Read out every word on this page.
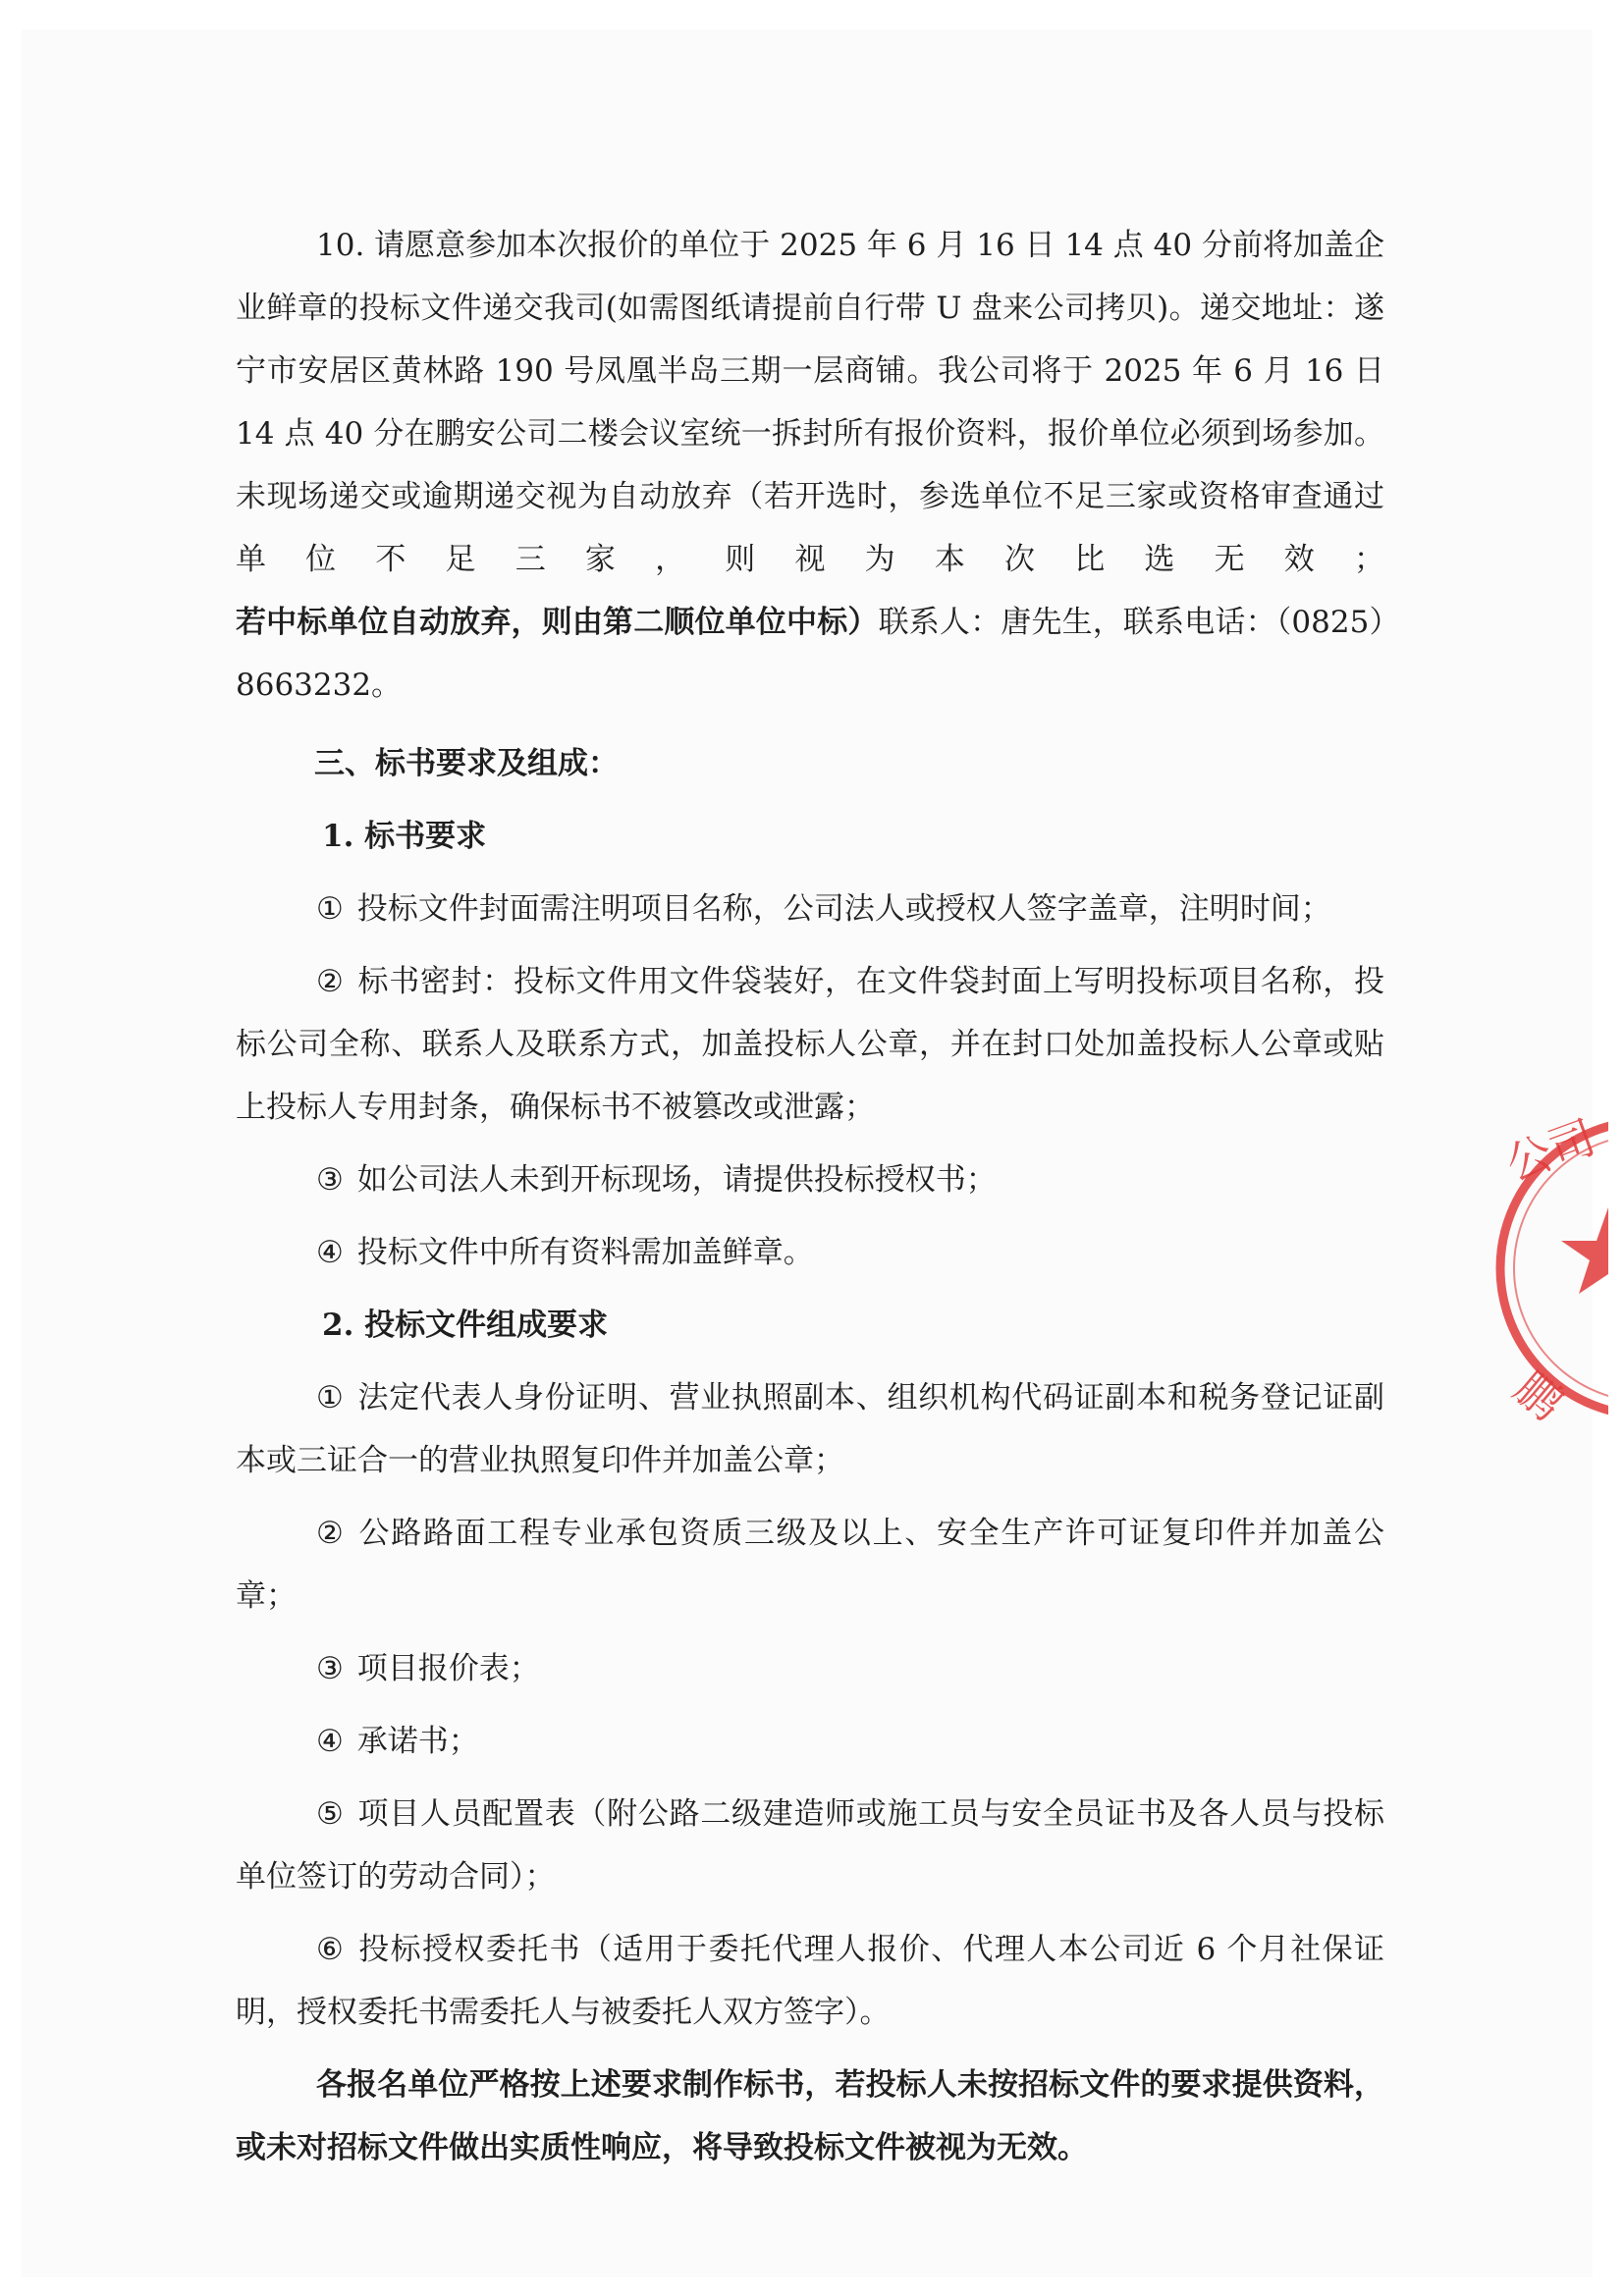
10. 请愿意参加本次报价的单位于 2025 年 6 月 16 日 14 点 40 分前将加盖企业鲜章的投标文件递交我司(如需图纸请提前自行带 U 盘来公司拷贝)。递交地址：遂宁市安居区黄林路 190 号凤凰半岛三期一层商铺。我公司将于 2025 年 6 月 16 日 14 点 40 分在鹏安公司二楼会议室统一拆封所有报价资料，报价单位必须到场参加。未现场递交或逾期递交视为自动放弃（若开选时，参选单位不足三家或资格审查通过单位不足三家，则视为本次比选无效；若中标单位自动放弃，则由第二顺位单位中标）联系人：唐先生，联系电话：（0825）8663232。

三、标书要求及组成：

1. 标书要求

① 投标文件封面需注明项目名称，公司法人或授权人签字盖章，注明时间；

② 标书密封：投标文件用文件袋装好，在文件袋封面上写明投标项目名称，投标公司全称、联系人及联系方式，加盖投标人公章，并在封口处加盖投标人公章或贴上投标人专用封条，确保标书不被篡改或泄露；

③ 如公司法人未到开标现场，请提供投标授权书；

④ 投标文件中所有资料需加盖鲜章。

2. 投标文件组成要求

① 法定代表人身份证明、营业执照副本、组织机构代码证副本和税务登记证副本或三证合一的营业执照复印件并加盖公章；

② 公路路面工程专业承包资质三级及以上、安全生产许可证复印件并加盖公章；

③ 项目报价表；

④ 承诺书；

⑤ 项目人员配置表（附公路二级建造师或施工员与安全员证书及各人员与投标单位签订的劳动合同）；

⑥ 投标授权委托书（适用于委托代理人报价、代理人本公司近 6 个月社保证明，授权委托书需委托人与被委托人双方签字）。

各报名单位严格按上述要求制作标书，若投标人未按招标文件的要求提供资料，或未对招标文件做出实质性响应，将导致投标文件被视为无效。

公司
鹏
